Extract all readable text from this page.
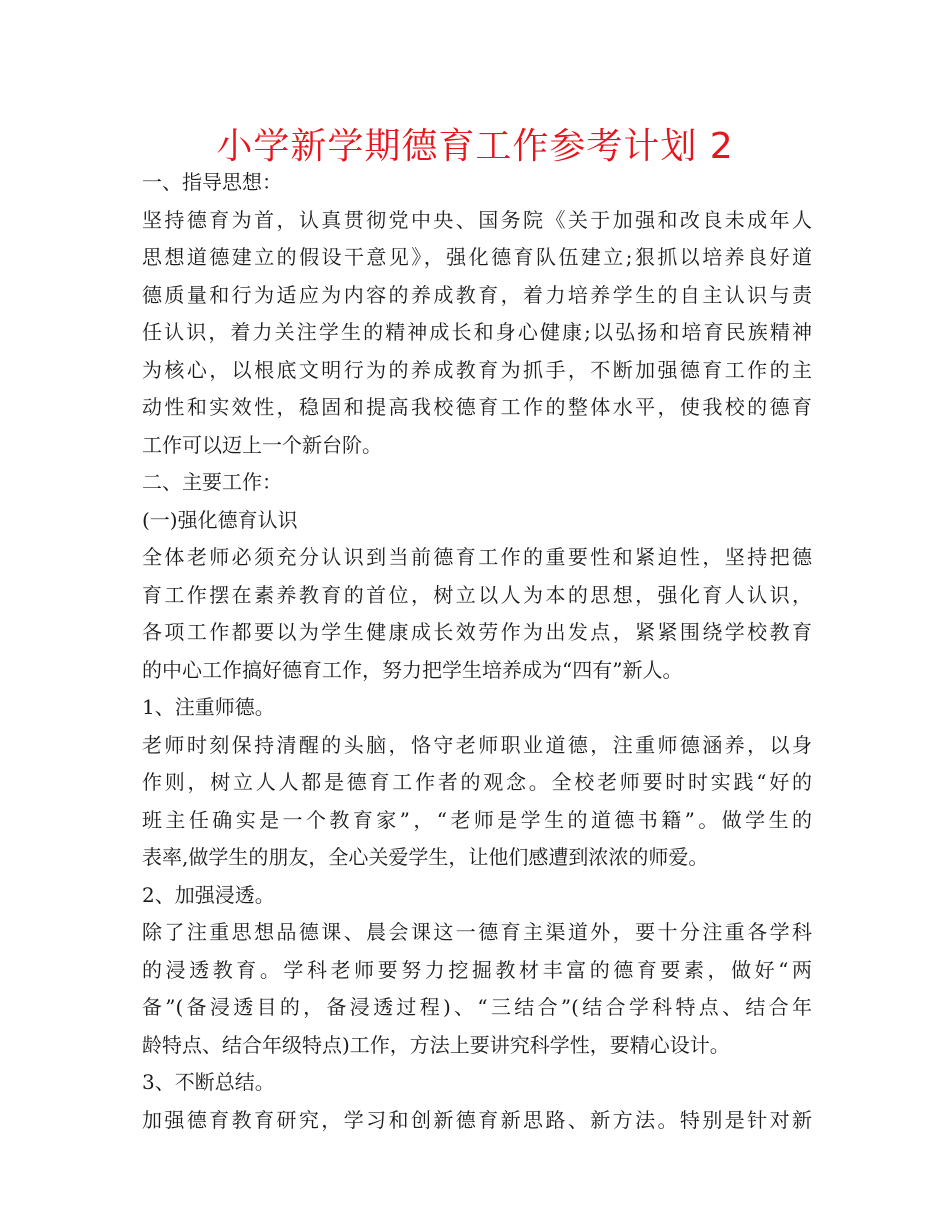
小学新学期德育工作参考计划 2
一、指导思想：
坚持德育为首，认真贯彻党中央、国务院《关于加强和改良未成年人
思想道德建立的假设干意见》，强化德育队伍建立;狠抓以培养良好道
德质量和行为适应为内容的养成教育，着力培养学生的自主认识与责
任认识，着力关注学生的精神成长和身心健康;以弘扬和培育民族精神
为核心，以根底文明行为的养成教育为抓手，不断加强德育工作的主
动性和实效性，稳固和提高我校德育工作的整体水平，使我校的德育
工作可以迈上一个新台阶。
二、主要工作：
(一)强化德育认识
全体老师必须充分认识到当前德育工作的重要性和紧迫性，坚持把德
育工作摆在素养教育的首位，树立以人为本的思想，强化育人认识，
各项工作都要以为学生健康成长效劳作为出发点，紧紧围绕学校教育
的中心工作搞好德育工作，努力把学生培养成为“四有”新人。
1、注重师德。
老师时刻保持清醒的头脑，恪守老师职业道德，注重师德涵养，以身
作则，树立人人都是德育工作者的观念。全校老师要时时实践“好的
班主任确实是一个教育家”，“老师是学生的道德书籍”。做学生的
表率,做学生的朋友，全心关爱学生，让他们感遭到浓浓的师爱。
2、加强浸透。
除了注重思想品德课、晨会课这一德育主渠道外，要十分注重各学科
的浸透教育。学科老师要努力挖掘教材丰富的德育要素，做好“两
备”(备浸透目的，备浸透过程)、“三结合”(结合学科特点、结合年
龄特点、结合年级特点)工作，方法上要讲究科学性，要精心设计。
3、不断总结。
加强德育教育研究，学习和创新德育新思路、新方法。特别是针对新
